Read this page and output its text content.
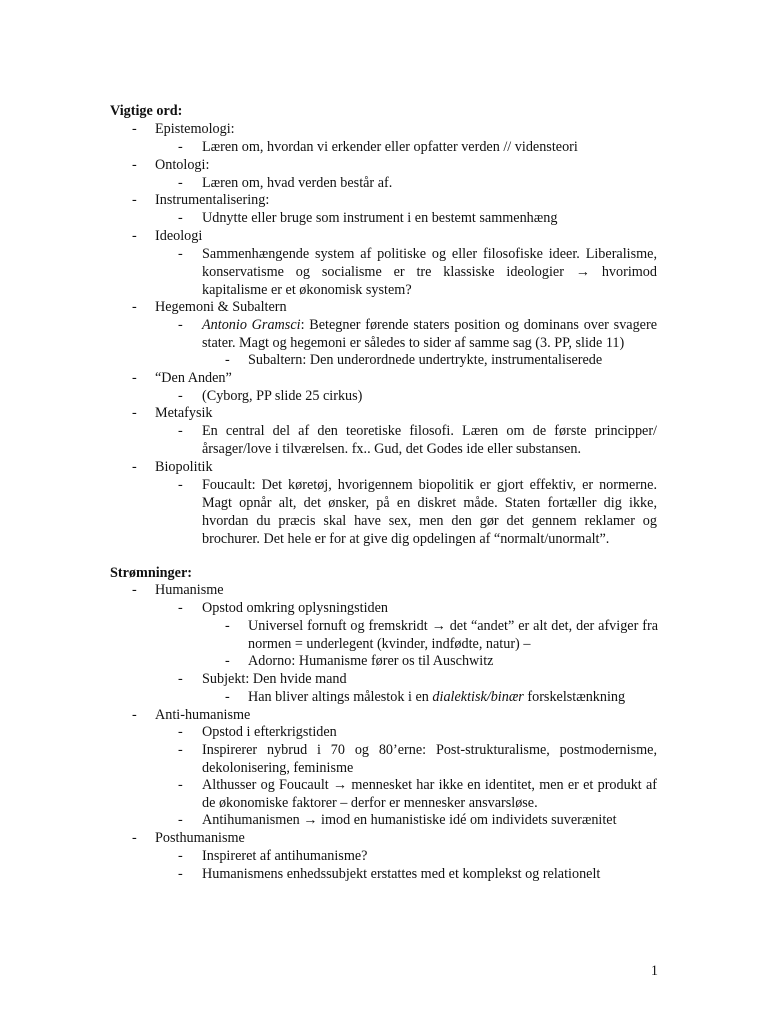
Vigtige ord:
- Epistemologi:
- Læren om, hvordan vi erkender eller opfatter verden // vidensteori
- Ontologi:
- Læren om, hvad verden består af.
- Instrumentalisering:
- Udnytte eller bruge som instrument i en bestemt sammenhæng
- Ideologi
- Sammenhængende system af politiske og eller filosofiske ideer. Liberalisme, konservatisme og socialisme er tre klassiske ideologier → hvorimod kapitalisme er et økonomisk system?
- Hegemoni & Subaltern
- Antonio Gramsci: Betegner førende staters position og dominans over svagere stater. Magt og hegemoni er således to sider af samme sag (3. PP, slide 11)
- Subaltern: Den underordnede undertrykte, instrumentaliserede
- “Den Anden”
- (Cyborg, PP slide 25 cirkus)
- Metafysik
- En central del af den teoretiske filosofi. Læren om de første principper/årsager/love i tilværelsen. fx.. Gud, det Godes ide eller substansen.
- Biopolitik
- Foucault: Det køretøj, hvorigennem biopolitik er gjort effektiv, er normerne. Magt opnår alt, det ønsker, på en diskret måde. Staten fortæller dig ikke, hvordan du præcis skal have sex, men den gør det gennem reklamer og brochurer. Det hele er for at give dig opdelingen af “normalt/unormalt”.
Strømninger:
- Humanisme
- Opstod omkring oplysningstiden
- Universel fornuft og fremskridt → det “andet” er alt det, der afviger fra normen = underlegent (kvinder, indfødte, natur) –
- Adorno: Humanisme fører os til Auschwitz
- Subjekt: Den hvide mand
- Han bliver altings målestok i en dialektisk/binær forskelstænkning
- Anti-humanisme
- Opstod i efterkrigstiden
- Inspirerer nybrud i 70 og 80’erne: Post-strukturalisme, postmodernisme, dekolonisering, feminisme
- Althusser og Foucault → mennesket har ikke en identitet, men er et produkt af de økonomiske faktorer – derfor er mennesker ansvarsløse.
- Antihumanismen → imod en humanistiske idé om individets suverænitet
- Posthumanisme
- Inspireret af antihumanisme?
- Humanismens enhedssubjekt erstattes med et komplekst og relationelt
1
